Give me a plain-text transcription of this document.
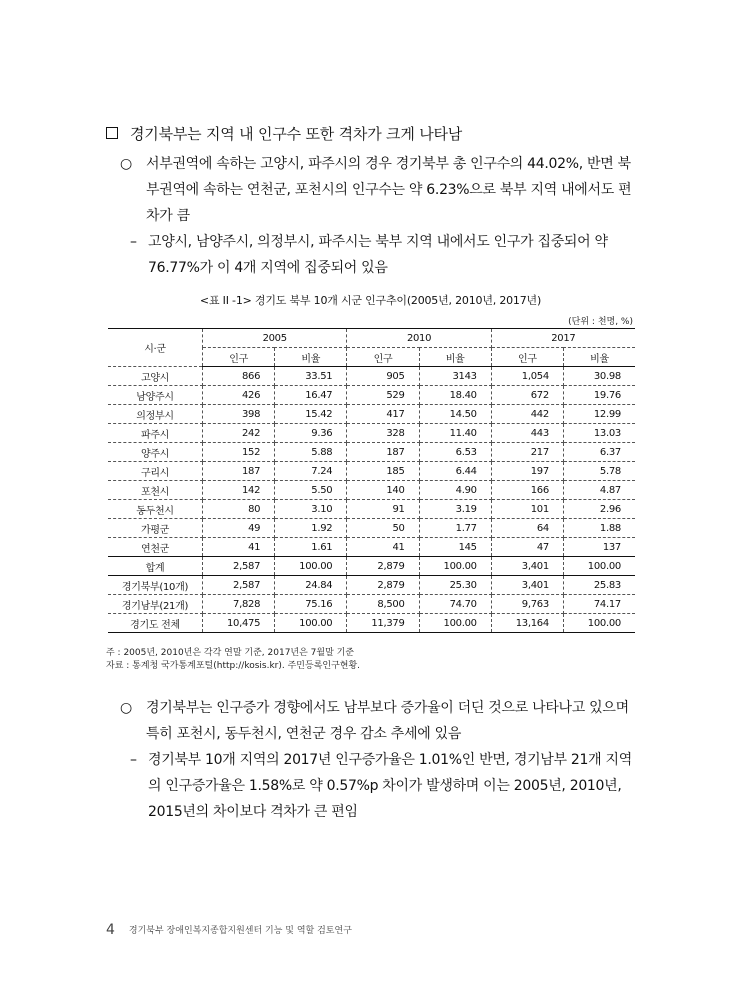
경기북부는 지역 내 인구수 또한 격차가 크게 나타남
○	서부권역에 속하는 고양시, 파주시의 경우 경기북부 총 인구수의 44.02%, 반면 북부권역에 속하는 연천군, 포천시의 인구수는 약 6.23%으로 북부 지역 내에서도 편차가 큼
– 고양시, 남양주시, 의정부시, 파주시는 북부 지역 내에서도 인구가 집중되어 약 76.77%가 이 4개 지역에 집중되어 있음
<표 II -1> 경기도 북부 10개 시군 인구추이(2005년, 2010년, 2017년)
(단위 : 천명, %)
시·군	2005		2010		2017	
	인구	비율	인구	비율	인구	비율
고양시	866	33.51	905	3143	1,054	30.98
남양주시	426	16.47	529	18.40	672	19.76
의정부시	398	15.42	417	14.50	442	12.99
파주시	242	9.36	328	11.40	443	13.03
양주시	152	5.88	187	6.53	217	6.37
구리시	187	7.24	185	6.44	197	5.78
포천시	142	5.50	140	4.90	166	4.87
동두천시	80	3.10	91	3.19	101	2.96
가평군	49	1.92	50	1.77	64	1.88
연천군	41	1.61	41	145	47	137
합계	2,587	100.00	2,879	100.00	3,401	100.00
경기북부(10개)	2,587	24.84	2,879	25.30	3,401	25.83
경기남부(21개)	7,828	75.16	8,500	74.70	9,763	74.17
경기도 전체	10,475	100.00	11,379	100.00	13,164	100.00
주 : 2005년, 2010년은 각각 연말 기준, 2017년은 7월말 기준
자료 : 통계청 국가통계포털(http://kosis.kr). 주민등록인구현황.
○	경기북부는 인구증가 경향에서도 남부보다 증가율이 더딘 것으로 나타나고 있으며 특히 포천시, 동두천시, 연천군 경우 감소 추세에 있음
– 경기북부 10개 지역의 2017년 인구증가율은 1.01%인 반면, 경기남부 21개 지역의 인구증가율은 1.58%로 약 0.57%p 차이가 발생하며 이는 2005년, 2010년, 2015년의 차이보다 격차가 큰 편임
4 경기북부 장애인복지종합지원센터 기능 및 역할 검토연구
